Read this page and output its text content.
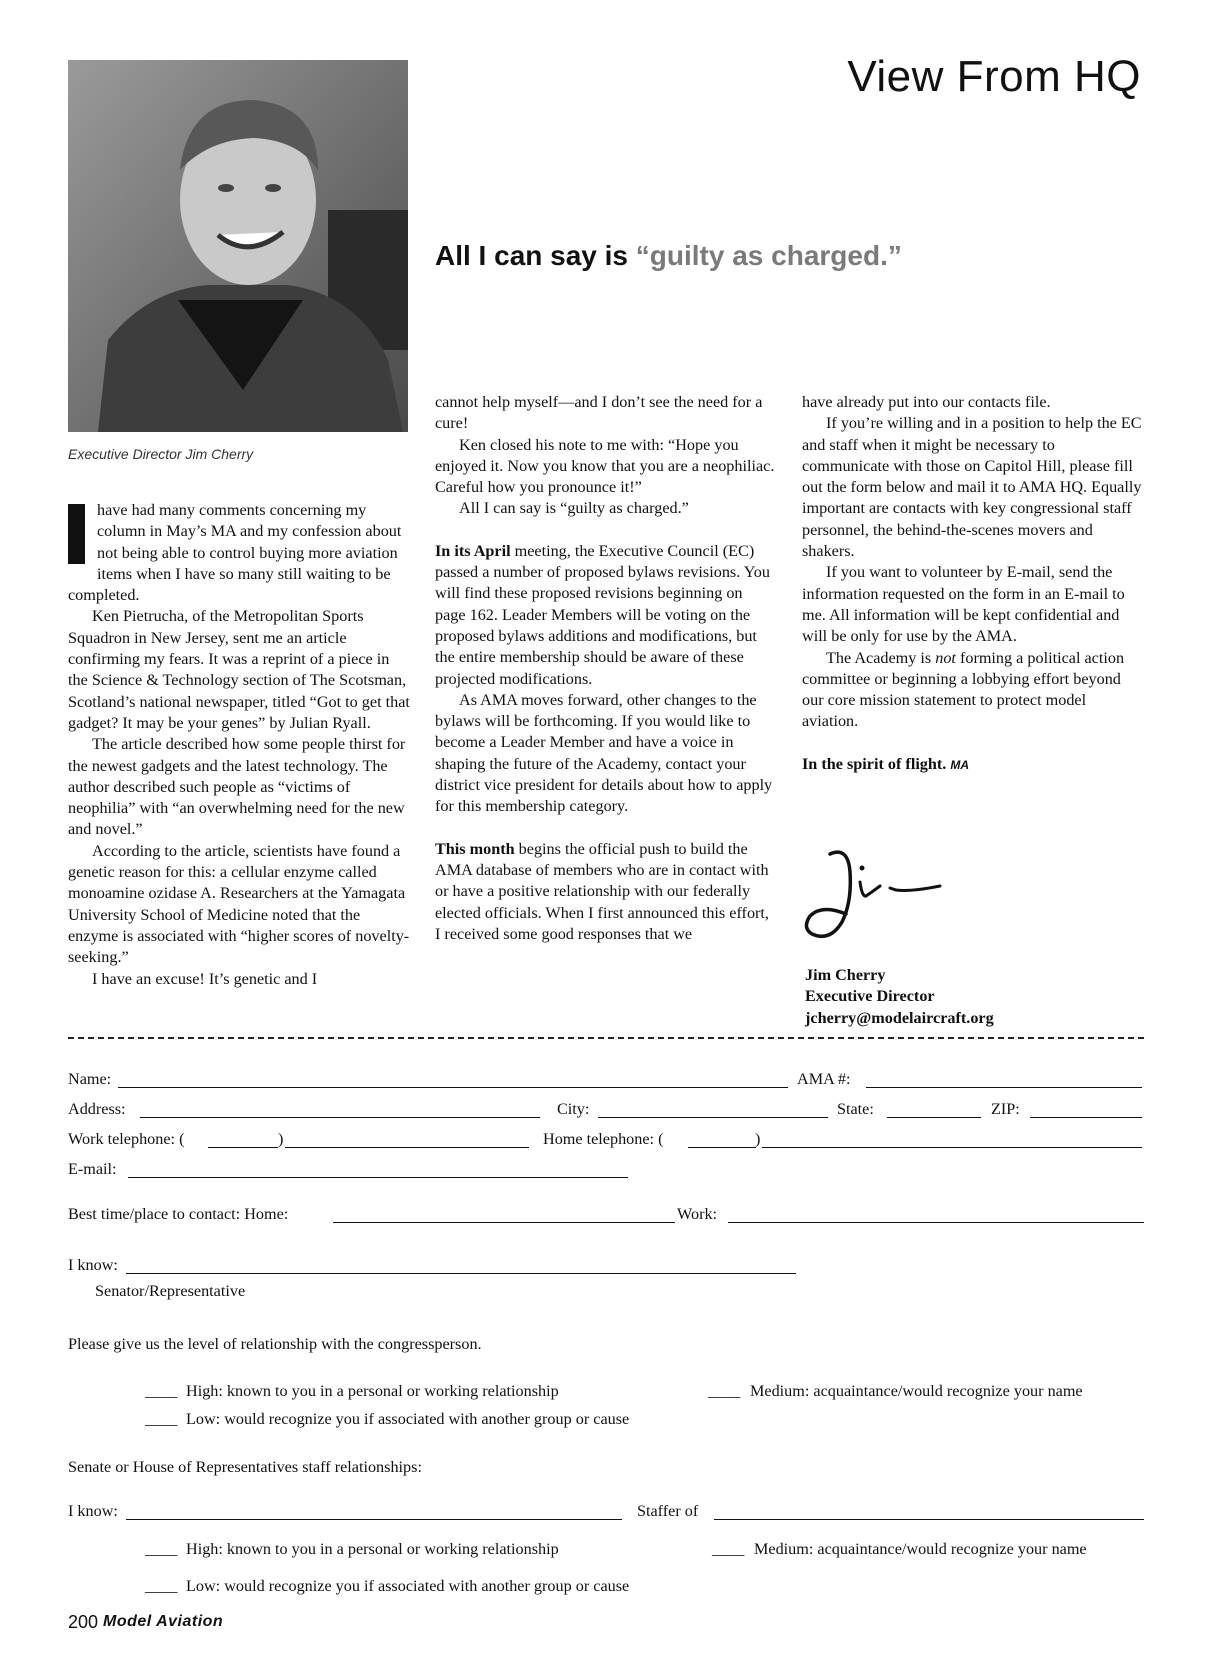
View From HQ
Executive Director Jim Cherry
All I can say is “guilty as charged.”

have had many comments concerning my column in May’s MA and my confession about not being able to control buying more aviation items when I have so many still waiting to be completed.

Ken Pietrucha, of the Metropolitan Sports Squadron in New Jersey, sent me an article confirming my fears. It was a reprint of a piece in the Science & Technology section of The Scotsman, Scotland’s national newspaper, titled “Got to get that gadget? It may be your genes” by Julian Ryall.

The article described how some people thirst for the newest gadgets and the latest technology. The author described such people as “victims of neophilia” with “an overwhelming need for the new and novel.”

According to the article, scientists have found a genetic reason for this: a cellular enzyme called monoamine ozidase A. Researchers at the Yamagata University School of Medicine noted that the enzyme is associated with “higher scores of novelty-seeking.”

I have an excuse! It’s genetic and I

cannot help myself—and I don’t see the need for a cure!

Ken closed his note to me with: “Hope you enjoyed it. Now you know that you are a neophiliac. Careful how you pronounce it!”

All I can say is “guilty as charged.”

In its April meeting, the Executive Council (EC) passed a number of proposed bylaws revisions. You will find these proposed revisions beginning on page 162. Leader Members will be voting on the proposed bylaws additions and modifications, but the entire membership should be aware of these projected modifications.

As AMA moves forward, other changes to the bylaws will be forthcoming. If you would like to become a Leader Member and have a voice in shaping the future of the Academy, contact your district vice president for details about how to apply for this membership category.

This month begins the official push to build the AMA database of members who are in contact with or have a positive relationship with our federally elected officials. When I first announced this effort, I received some good responses that we

have already put into our contacts file.

If you’re willing and in a position to help the EC and staff when it might be necessary to communicate with those on Capitol Hill, please fill out the form below and mail it to AMA HQ. Equally important are contacts with key congressional staff personnel, the behind-the-scenes movers and shakers.

If you want to volunteer by E-mail, send the information requested on the form in an E-mail to me. All information will be kept confidential and will be only for use by the AMA.

The Academy is not forming a political action committee or beginning a lobbying effort beyond our core mission statement to protect model aviation.

In the spirit of flight. MA

Jim Cherry
Executive Director
jcherry@modelaircraft.org
Name:	AMA #:
Address:	City:	State:	ZIP:
Work telephone: (	)	Home telephone: (	)
E-mail:
Best time/place to contact: Home:	Work:
I know:
Senator/Representative
Please give us the level of relationship with the congressperson.
____ High: known to you in a personal or working relationship	____ Medium: acquaintance/would recognize your name
____ Low: would recognize you if associated with another group or cause
Senate or House of Representatives staff relationships:
I know:	Staffer of
____ High: known to you in a personal or working relationship	____ Medium: acquaintance/would recognize your name
____ Low: would recognize you if associated with another group or cause
200 Model Aviation
